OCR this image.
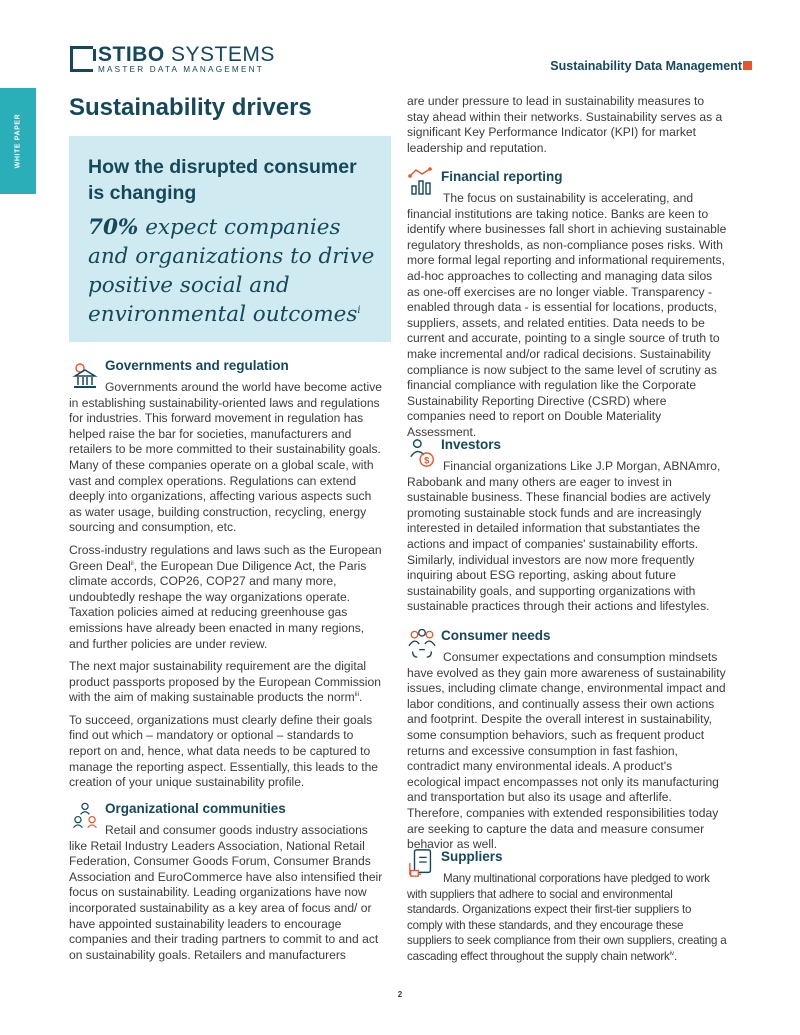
STIBO SYSTEMS
MASTER DATA MANAGEMENT	Sustainability Data Management
WHITE PAPER
Sustainability drivers
How the disrupted consumer is changing
70% expect companies and organizations to drive positive social and environmental outcomes$^i$
Governments and regulation

Governments around the world have become active in establishing sustainability-oriented laws and regulations for industries. This forward movement in regulation has helped raise the bar for societies, manufacturers and retailers to be more committed to their sustainability goals. Many of these companies operate on a global scale, with vast and complex operations. Regulations can extend deeply into organizations, affecting various aspects such as water usage, building construction, recycling, energy sourcing and consumption, etc.

Cross-industry regulations and laws such as the European Green Deal$^{ii}$, the European Due Diligence Act, the Paris climate accords, COP26, COP27 and many more, undoubtedly reshape the way organizations operate. Taxation policies aimed at reducing greenhouse gas emissions have already been enacted in many regions, and further policies are under review.

The next major sustainability requirement are the digital product passports proposed by the European Commission with the aim of making sustainable products the norm$^{iii}$.

To succeed, organizations must clearly define their goals find out which – mandatory or optional – standards to report on and, hence, what data needs to be captured to manage the reporting aspect. Essentially, this leads to the creation of your unique sustainability profile.

Organizational communities

Retail and consumer goods industry associations like Retail Industry Leaders Association, National Retail Federation, Consumer Goods Forum, Consumer Brands Association and EuroCommerce have also intensified their focus on sustainability. Leading organizations have now incorporated sustainability as a key area of focus and/ or have appointed sustainability leaders to encourage companies and their trading partners to commit to and act on sustainability goals. Retailers and manufacturers

are under pressure to lead in sustainability measures to stay ahead within their networks. Sustainability serves as a significant Key Performance Indicator (KPI) for market leadership and reputation.

Financial reporting

The focus on sustainability is accelerating, and financial institutions are taking notice. Banks are keen to identify where businesses fall short in achieving sustainable regulatory thresholds, as non-compliance poses risks. With more formal legal reporting and informational requirements, ad-hoc approaches to collecting and managing data silos as one-off exercises are no longer viable. Transparency - enabled through data - is essential for locations, products, suppliers, assets, and related entities. Data needs to be current and accurate, pointing to a single source of truth to make incremental and/or radical decisions. Sustainability compliance is now subject to the same level of scrutiny as financial compliance with regulation like the Corporate Sustainability Reporting Directive (CSRD) where companies need to report on Double Materiality Assessment.

$
Investors

Financial organizations Like J.P Morgan, ABNAmro, Rabobank and many others are eager to invest in sustainable business. These financial bodies are actively promoting sustainable stock funds and are increasingly interested in detailed information that substantiates the actions and impact of companies' sustainability efforts. Similarly, individual investors are now more frequently inquiring about ESG reporting, asking about future sustainability goals, and supporting organizations with sustainable practices through their actions and lifestyles.

Consumer needs

Consumer expectations and consumption mindsets have evolved as they gain more awareness of sustainability issues, including climate change, environmental impact and labor conditions, and continually assess their own actions and footprint. Despite the overall interest in sustainability, some consumption behaviors, such as frequent product returns and excessive consumption in fast fashion, contradict many environmental ideals. A product's ecological impact encompasses not only its manufacturing and transportation but also its usage and afterlife. Therefore, companies with extended responsibilities today are seeking to capture the data and measure consumer behavior as well.

Suppliers

Many multinational corporations have pledged to work with suppliers that adhere to social and environmental standards. Organizations expect their first-tier suppliers to comply with these standards, and they encourage these suppliers to seek compliance from their own suppliers, creating a cascading effect throughout the supply chain network$^{iv}$.

2
